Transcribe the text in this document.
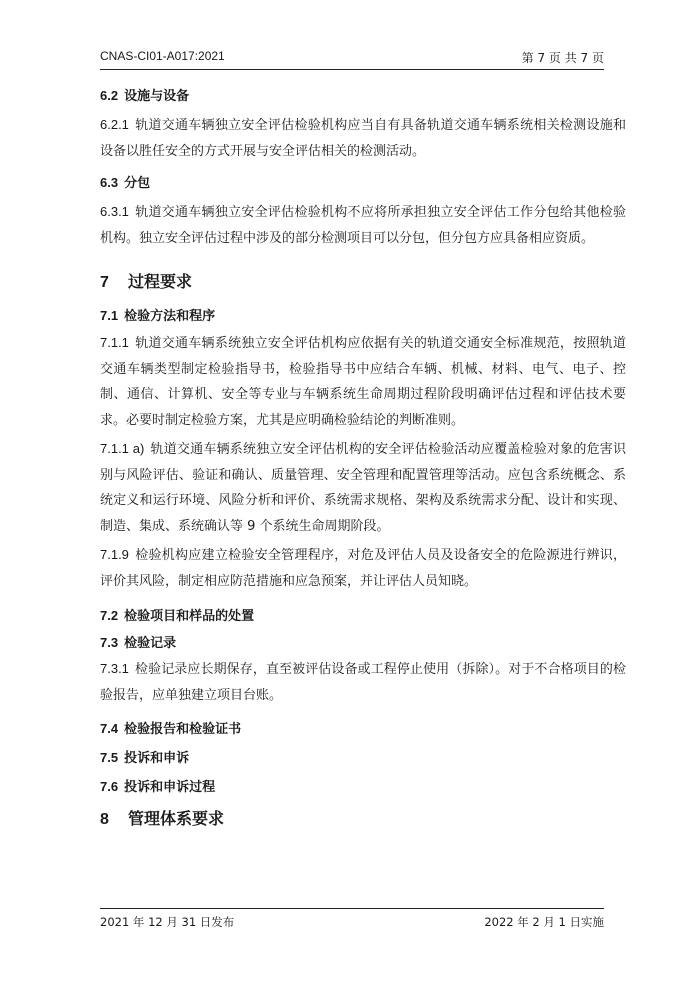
CNAS-CI01-A017:2021	第 7 页 共 7 页
6.2 设施与设备

6.2.1 轨道交通车辆独立安全评估检验机构应当自有具备轨道交通车辆系统相关检测设施和设备以胜任安全的方式开展与安全评估相关的检测活动。

6.3 分包

6.3.1 轨道交通车辆独立安全评估检验机构不应将所承担独立安全评估工作分包给其他检验机构。独立安全评估过程中涉及的部分检测项目可以分包，但分包方应具备相应资质。

7 过程要求
7.1 检验方法和程序

7.1.1 轨道交通车辆系统独立安全评估机构应依据有关的轨道交通安全标准规范，按照轨道交通车辆类型制定检验指导书，检验指导书中应结合车辆、机械、材料、电气、电子、控制、通信、计算机、安全等专业与车辆系统生命周期过程阶段明确评估过程和评估技术要求。必要时制定检验方案，尤其是应明确检验结论的判断准则。

7.1.1 a) 轨道交通车辆系统独立安全评估机构的安全评估检验活动应覆盖检验对象的危害识别与风险评估、验证和确认、质量管理、安全管理和配置管理等活动。应包含系统概念、系统定义和运行环境、风险分析和评价、系统需求规格、架构及系统需求分配、设计和实现、制造、集成、系统确认等 9 个系统生命周期阶段。

7.1.9 检验机构应建立检验安全管理程序，对危及评估人员及设备安全的危险源进行辨识，评价其风险，制定相应防范措施和应急预案，并让评估人员知晓。

7.2 检验项目和样品的处置
7.3 检验记录

7.3.1 检验记录应长期保存，直至被评估设备或工程停止使用（拆除）。对于不合格项目的检验报告，应单独建立项目台账。

7.4 检验报告和检验证书
7.5 投诉和申诉
7.6 投诉和申诉过程
8 管理体系要求
2021 年 12 月 31 日发布	2022 年 2 月 1 日实施
